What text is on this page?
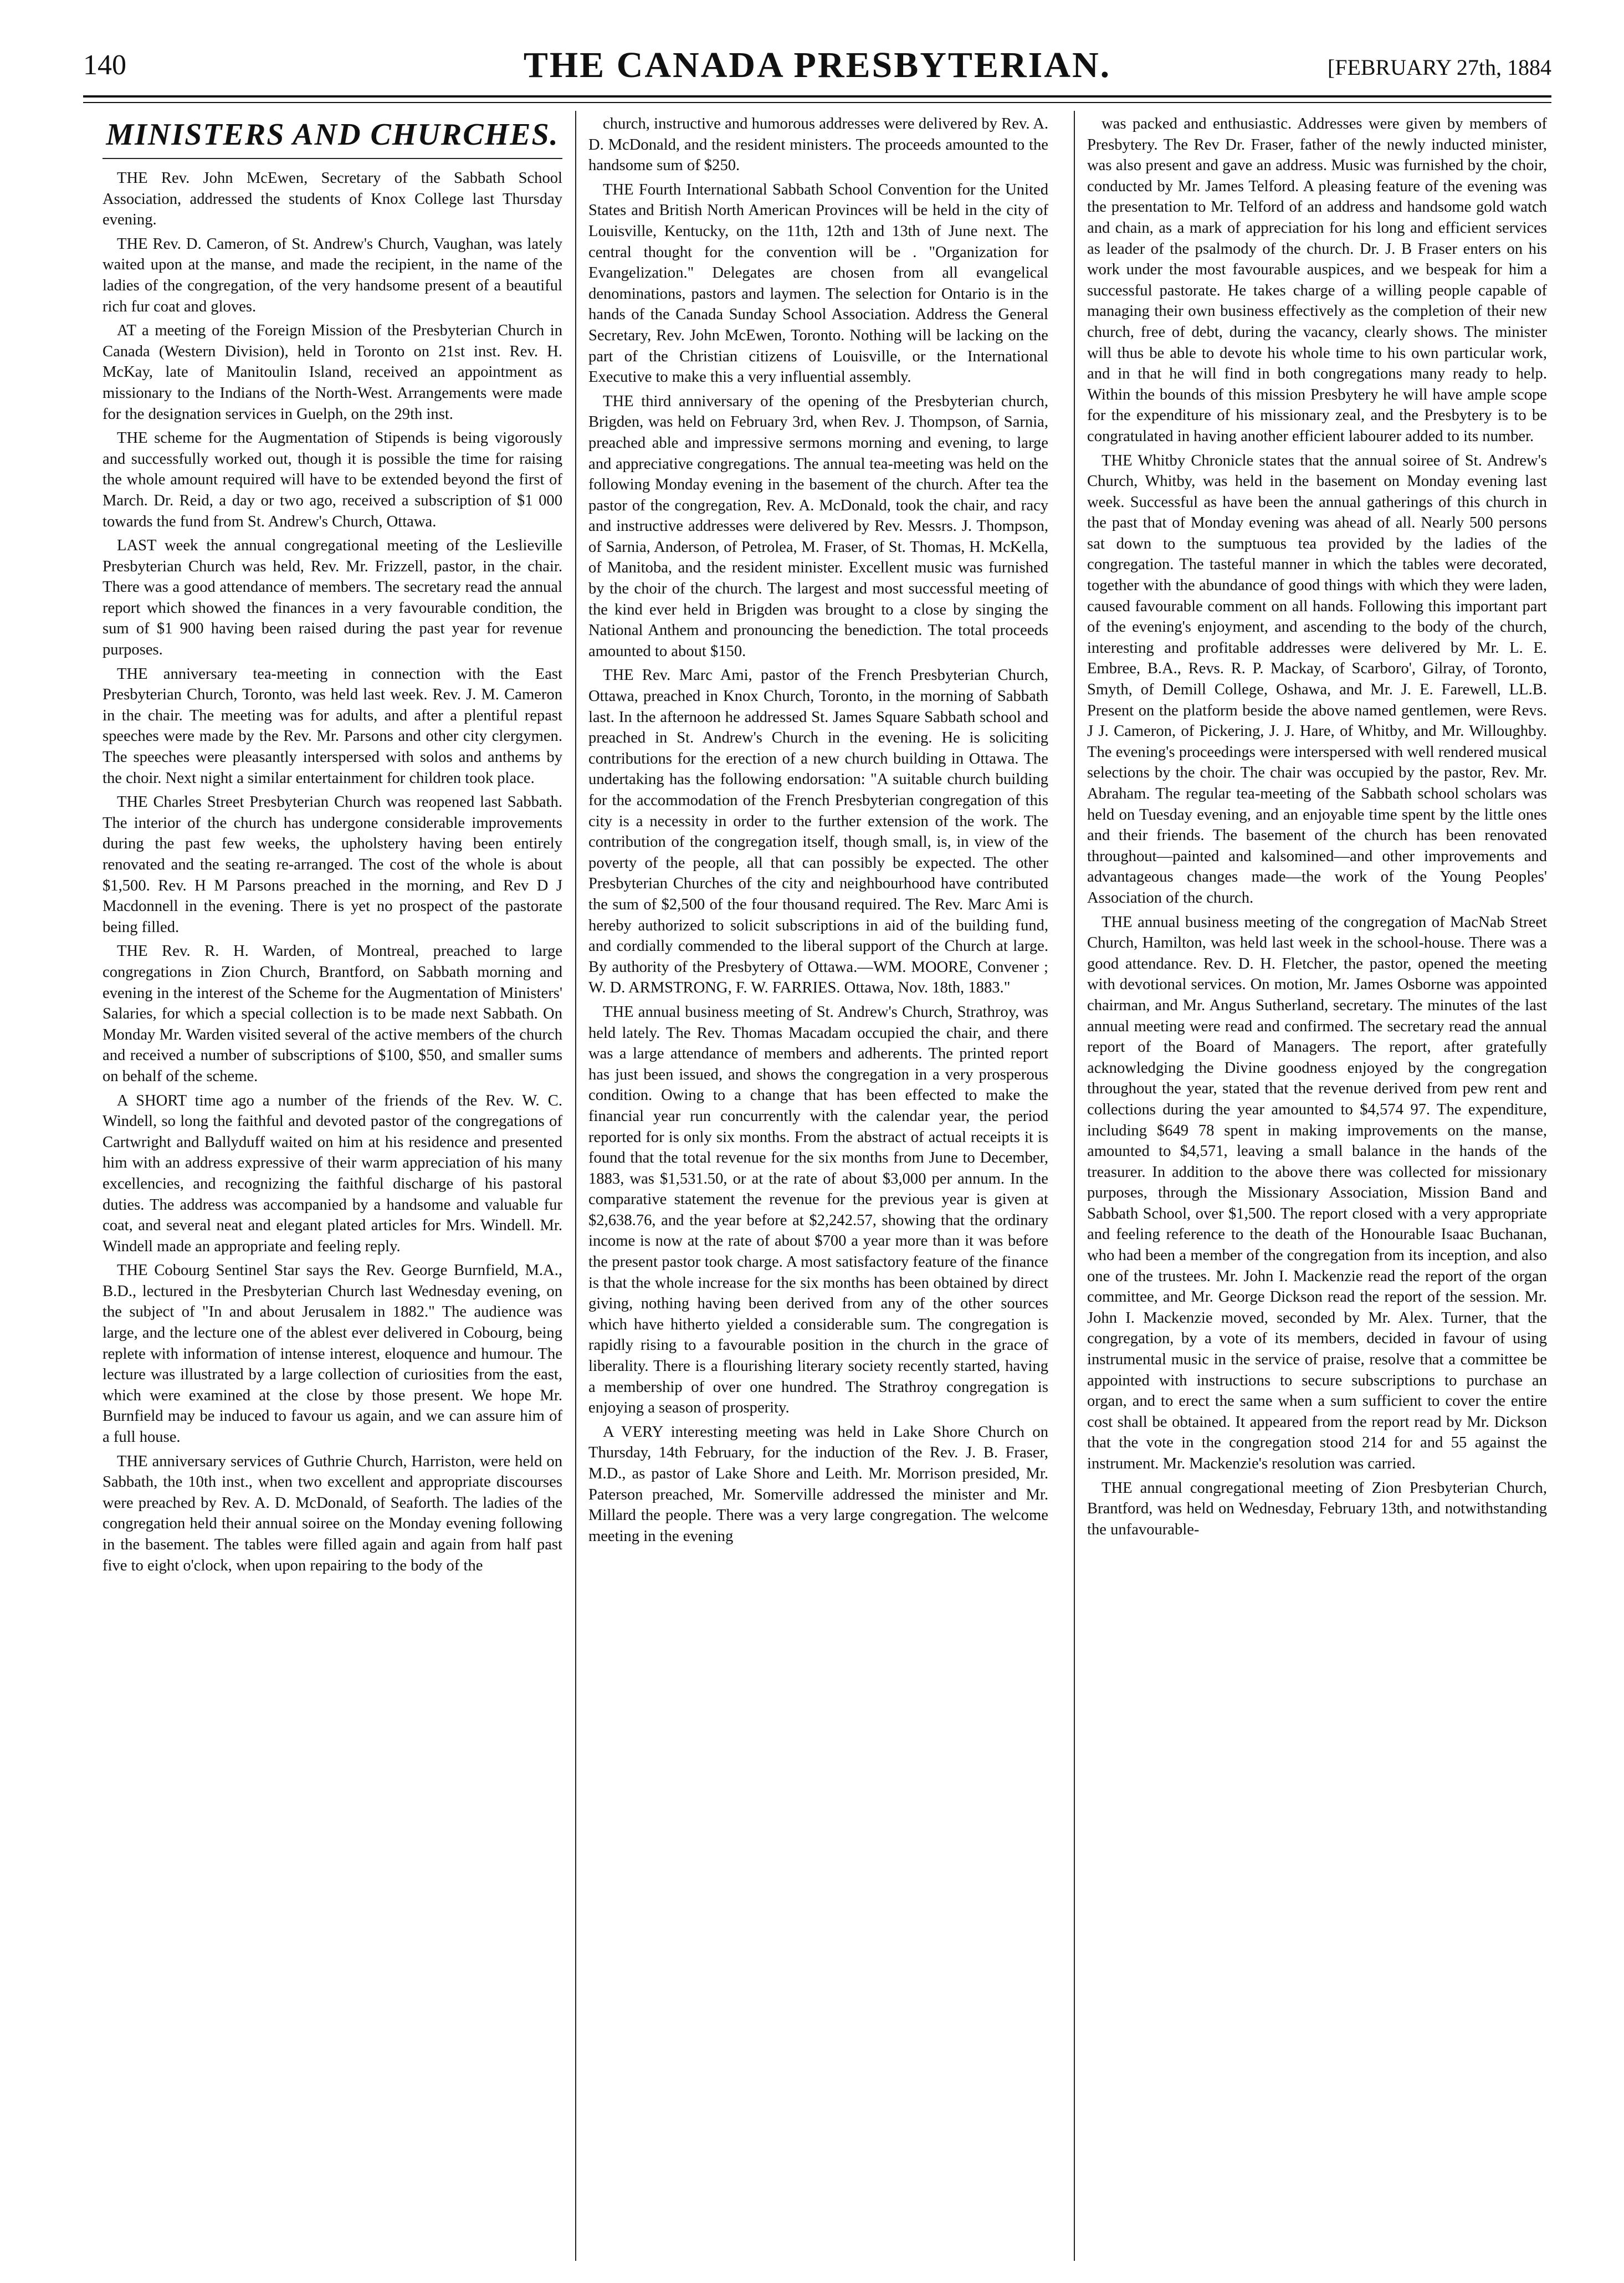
140	THE CANADA PRESBYTERIAN.	[FEBRUARY 27th, 1884
MINISTERS AND CHURCHES.

THE Rev. John McEwen, Secretary of the Sabbath School Association, addressed the students of Knox College last Thursday evening.

THE Rev. D. Cameron, of St. Andrew's Church, Vaughan, was lately waited upon at the manse, and made the recipient, in the name of the ladies of the congregation, of the very handsome present of a beautiful rich fur coat and gloves.

AT a meeting of the Foreign Mission of the Presbyterian Church in Canada (Western Division), held in Toronto on 21st inst. Rev. H. McKay, late of Manitoulin Island, received an appointment as missionary to the Indians of the North-West. Arrangements were made for the designation services in Guelph, on the 29th inst.

THE scheme for the Augmentation of Stipends is being vigorously and successfully worked out, though it is possible the time for raising the whole amount required will have to be extended beyond the first of March. Dr. Reid, a day or two ago, received a subscription of $1 000 towards the fund from St. Andrew's Church, Ottawa.

LAST week the annual congregational meeting of the Leslieville Presbyterian Church was held, Rev. Mr. Frizzell, pastor, in the chair. There was a good attendance of members. The secretary read the annual report which showed the finances in a very favourable condition, the sum of $1 900 having been raised during the past year for revenue purposes.

THE anniversary tea-meeting in connection with the East Presbyterian Church, Toronto, was held last week. Rev. J. M. Cameron in the chair. The meeting was for adults, and after a plentiful repast speeches were made by the Rev. Mr. Parsons and other city clergymen. The speeches were pleasantly interspersed with solos and anthems by the choir. Next night a similar entertainment for children took place.

THE Charles Street Presbyterian Church was reopened last Sabbath. The interior of the church has undergone considerable improvements during the past few weeks, the upholstery having been entirely renovated and the seating re-arranged. The cost of the whole is about $1,500. Rev. H M Parsons preached in the morning, and Rev D J Macdonnell in the evening. There is yet no prospect of the pastorate being filled.

THE Rev. R. H. Warden, of Montreal, preached to large congregations in Zion Church, Brantford, on Sabbath morning and evening in the interest of the Scheme for the Augmentation of Ministers' Salaries, for which a special collection is to be made next Sabbath. On Monday Mr. Warden visited several of the active members of the church and received a number of subscriptions of $100, $50, and smaller sums on behalf of the scheme.

A SHORT time ago a number of the friends of the Rev. W. C. Windell, so long the faithful and devoted pastor of the congregations of Cartwright and Ballyduff waited on him at his residence and presented him with an address expressive of their warm appreciation of his many excellencies, and recognizing the faithful discharge of his pastoral duties. The address was accompanied by a handsome and valuable fur coat, and several neat and elegant plated articles for Mrs. Windell. Mr. Windell made an appropriate and feeling reply.

THE Cobourg Sentinel Star says the Rev. George Burnfield, M.A., B.D., lectured in the Presbyterian Church last Wednesday evening, on the subject of "In and about Jerusalem in 1882." The audience was large, and the lecture one of the ablest ever delivered in Cobourg, being replete with information of intense interest, eloquence and humour. The lecture was illustrated by a large collection of curiosities from the east, which were examined at the close by those present. We hope Mr. Burnfield may be induced to favour us again, and we can assure him of a full house.

THE anniversary services of Guthrie Church, Harriston, were held on Sabbath, the 10th inst., when two excellent and appropriate discourses were preached by Rev. A. D. McDonald, of Seaforth. The ladies of the congregation held their annual soiree on the Monday evening following in the basement. The tables were filled again and again from half past five to eight o'clock, when upon repairing to the body of the

church, instructive and humorous addresses were delivered by Rev. A. D. McDonald, and the resident ministers. The proceeds amounted to the handsome sum of $250.

THE Fourth International Sabbath School Convention for the United States and British North American Provinces will be held in the city of Louisville, Kentucky, on the 11th, 12th and 13th of June next. The central thought for the convention will be . "Organization for Evangelization." Delegates are chosen from all evangelical denominations, pastors and laymen. The selection for Ontario is in the hands of the Canada Sunday School Association. Address the General Secretary, Rev. John McEwen, Toronto. Nothing will be lacking on the part of the Christian citizens of Louisville, or the International Executive to make this a very influential assembly.

THE third anniversary of the opening of the Presbyterian church, Brigden, was held on February 3rd, when Rev. J. Thompson, of Sarnia, preached able and impressive sermons morning and evening, to large and appreciative congregations. The annual tea-meeting was held on the following Monday evening in the basement of the church. After tea the pastor of the congregation, Rev. A. McDonald, took the chair, and racy and instructive addresses were delivered by Rev. Messrs. J. Thompson, of Sarnia, Anderson, of Petrolea, M. Fraser, of St. Thomas, H. McKella, of Manitoba, and the resident minister. Excellent music was furnished by the choir of the church. The largest and most successful meeting of the kind ever held in Brigden was brought to a close by singing the National Anthem and pronouncing the benediction. The total proceeds amounted to about $150.

THE Rev. Marc Ami, pastor of the French Presbyterian Church, Ottawa, preached in Knox Church, Toronto, in the morning of Sabbath last. In the afternoon he addressed St. James Square Sabbath school and preached in St. Andrew's Church in the evening. He is soliciting contributions for the erection of a new church building in Ottawa. The undertaking has the following endorsation: "A suitable church building for the accommodation of the French Presbyterian congregation of this city is a necessity in order to the further extension of the work. The contribution of the congregation itself, though small, is, in view of the poverty of the people, all that can possibly be expected. The other Presbyterian Churches of the city and neighbourhood have contributed the sum of $2,500 of the four thousand required. The Rev. Marc Ami is hereby authorized to solicit subscriptions in aid of the building fund, and cordially commended to the liberal support of the Church at large. By authority of the Presbytery of Ottawa.—WM. MOORE, Convener ; W. D. ARMSTRONG, F. W. FARRIES. Ottawa, Nov. 18th, 1883."

THE annual business meeting of St. Andrew's Church, Strathroy, was held lately. The Rev. Thomas Macadam occupied the chair, and there was a large attendance of members and adherents. The printed report has just been issued, and shows the congregation in a very prosperous condition. Owing to a change that has been effected to make the financial year run concurrently with the calendar year, the period reported for is only six months. From the abstract of actual receipts it is found that the total revenue for the six months from June to December, 1883, was $1,531.50, or at the rate of about $3,000 per annum. In the comparative statement the revenue for the previous year is given at $2,638.76, and the year before at $2,242.57, showing that the ordinary income is now at the rate of about $700 a year more than it was before the present pastor took charge. A most satisfactory feature of the finance is that the whole increase for the six months has been obtained by direct giving, nothing having been derived from any of the other sources which have hitherto yielded a considerable sum. The congregation is rapidly rising to a favourable position in the church in the grace of liberality. There is a flourishing literary society recently started, having a membership of over one hundred. The Strathroy congregation is enjoying a season of prosperity.

A VERY interesting meeting was held in Lake Shore Church on Thursday, 14th February, for the induction of the Rev. J. B. Fraser, M.D., as pastor of Lake Shore and Leith. Mr. Morrison presided, Mr. Paterson preached, Mr. Somerville addressed the minister and Mr. Millard the people. There was a very large congregation. The welcome meeting in the evening

was packed and enthusiastic. Addresses were given by members of Presbytery. The Rev Dr. Fraser, father of the newly inducted minister, was also present and gave an address. Music was furnished by the choir, conducted by Mr. James Telford. A pleasing feature of the evening was the presentation to Mr. Telford of an address and handsome gold watch and chain, as a mark of appreciation for his long and efficient services as leader of the psalmody of the church. Dr. J. B Fraser enters on his work under the most favourable auspices, and we bespeak for him a successful pastorate. He takes charge of a willing people capable of managing their own business effectively as the completion of their new church, free of debt, during the vacancy, clearly shows. The minister will thus be able to devote his whole time to his own particular work, and in that he will find in both congregations many ready to help. Within the bounds of this mission Presbytery he will have ample scope for the expenditure of his missionary zeal, and the Presbytery is to be congratulated in having another efficient labourer added to its number.

THE Whitby Chronicle states that the annual soiree of St. Andrew's Church, Whitby, was held in the basement on Monday evening last week. Successful as have been the annual gatherings of this church in the past that of Monday evening was ahead of all. Nearly 500 persons sat down to the sumptuous tea provided by the ladies of the congregation. The tasteful manner in which the tables were decorated, together with the abundance of good things with which they were laden, caused favourable comment on all hands. Following this important part of the evening's enjoyment, and ascending to the body of the church, interesting and profitable addresses were delivered by Mr. L. E. Embree, B.A., Revs. R. P. Mackay, of Scarboro', Gilray, of Toronto, Smyth, of Demill College, Oshawa, and Mr. J. E. Farewell, LL.B. Present on the platform beside the above named gentlemen, were Revs. J J. Cameron, of Pickering, J. J. Hare, of Whitby, and Mr. Willoughby. The evening's proceedings were interspersed with well rendered musical selections by the choir. The chair was occupied by the pastor, Rev. Mr. Abraham. The regular tea-meeting of the Sabbath school scholars was held on Tuesday evening, and an enjoyable time spent by the little ones and their friends. The basement of the church has been renovated throughout—painted and kalsomined—and other improvements and advantageous changes made—the work of the Young Peoples' Association of the church.

THE annual business meeting of the congregation of MacNab Street Church, Hamilton, was held last week in the school-house. There was a good attendance. Rev. D. H. Fletcher, the pastor, opened the meeting with devotional services. On motion, Mr. James Osborne was appointed chairman, and Mr. Angus Sutherland, secretary. The minutes of the last annual meeting were read and confirmed. The secretary read the annual report of the Board of Managers. The report, after gratefully acknowledging the Divine goodness enjoyed by the congregation throughout the year, stated that the revenue derived from pew rent and collections during the year amounted to $4,574 97. The expenditure, including $649 78 spent in making improvements on the manse, amounted to $4,571, leaving a small balance in the hands of the treasurer. In addition to the above there was collected for missionary purposes, through the Missionary Association, Mission Band and Sabbath School, over $1,500. The report closed with a very appropriate and feeling reference to the death of the Honourable Isaac Buchanan, who had been a member of the congregation from its inception, and also one of the trustees. Mr. John I. Mackenzie read the report of the organ committee, and Mr. George Dickson read the report of the session. Mr. John I. Mackenzie moved, seconded by Mr. Alex. Turner, that the congregation, by a vote of its members, decided in favour of using instrumental music in the service of praise, resolve that a committee be appointed with instructions to secure subscriptions to purchase an organ, and to erect the same when a sum sufficient to cover the entire cost shall be obtained. It appeared from the report read by Mr. Dickson that the vote in the congregation stood 214 for and 55 against the instrument. Mr. Mackenzie's resolution was carried.

THE annual congregational meeting of Zion Presbyterian Church, Brantford, was held on Wednesday, February 13th, and notwithstanding the unfavourable-
